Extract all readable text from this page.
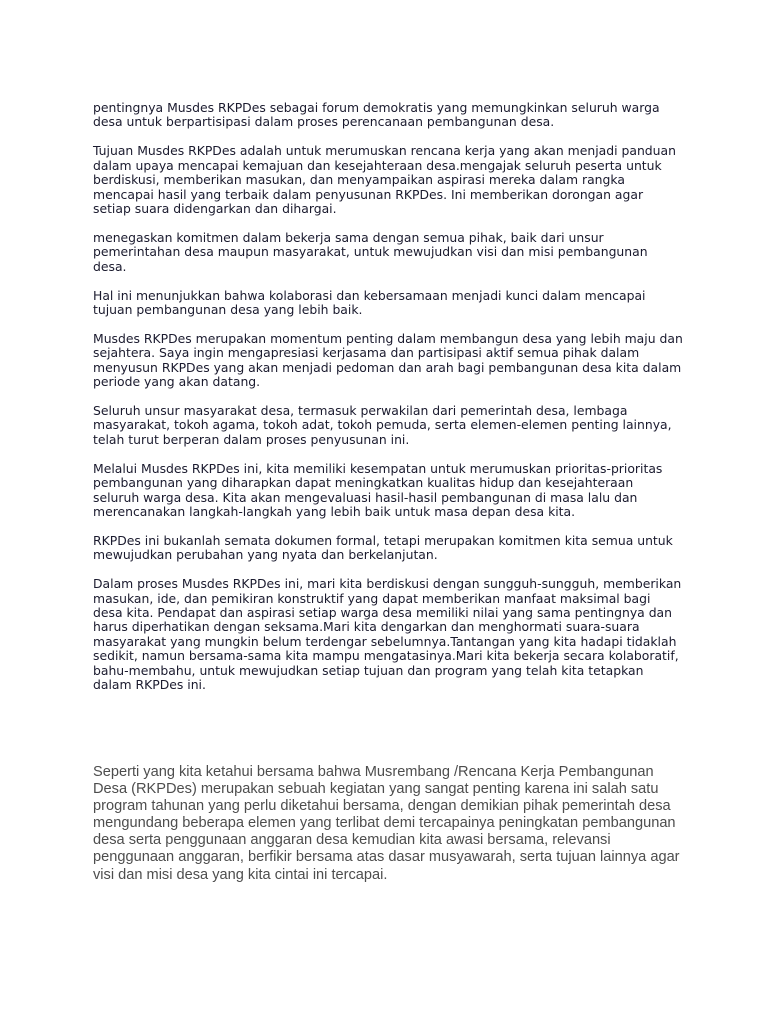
pentingnya Musdes RKPDes sebagai forum demokratis yang memungkinkan seluruh warga desa untuk berpartisipasi dalam proses perencanaan pembangunan desa.

Tujuan Musdes RKPDes adalah untuk merumuskan rencana kerja yang akan menjadi panduan dalam upaya mencapai kemajuan dan kesejahteraan desa.mengajak seluruh peserta untuk berdiskusi, memberikan masukan, dan menyampaikan aspirasi mereka dalam rangka mencapai hasil yang terbaik dalam penyusunan RKPDes. Ini memberikan dorongan agar setiap suara didengarkan dan dihargai.

menegaskan komitmen dalam bekerja sama dengan semua pihak, baik dari unsur pemerintahan desa maupun masyarakat, untuk mewujudkan visi dan misi pembangunan desa.

Hal ini menunjukkan bahwa kolaborasi dan kebersamaan menjadi kunci dalam mencapai tujuan pembangunan desa yang lebih baik.

Musdes RKPDes merupakan momentum penting dalam membangun desa yang lebih maju dan sejahtera. Saya ingin mengapresiasi kerjasama dan partisipasi aktif semua pihak dalam menyusun RKPDes yang akan menjadi pedoman dan arah bagi pembangunan desa kita dalam periode yang akan datang.

Seluruh unsur masyarakat desa, termasuk perwakilan dari pemerintah desa, lembaga masyarakat, tokoh agama, tokoh adat, tokoh pemuda, serta elemen-elemen penting lainnya, telah turut berperan dalam proses penyusunan ini.

Melalui Musdes RKPDes ini, kita memiliki kesempatan untuk merumuskan prioritas-prioritas pembangunan yang diharapkan dapat meningkatkan kualitas hidup dan kesejahteraan seluruh warga desa. Kita akan mengevaluasi hasil-hasil pembangunan di masa lalu dan merencanakan langkah-langkah yang lebih baik untuk masa depan desa kita.

RKPDes ini bukanlah semata dokumen formal, tetapi merupakan komitmen kita semua untuk mewujudkan perubahan yang nyata dan berkelanjutan.

Dalam proses Musdes RKPDes ini, mari kita berdiskusi dengan sungguh-sungguh, memberikan masukan, ide, dan pemikiran konstruktif yang dapat memberikan manfaat maksimal bagi desa kita. Pendapat dan aspirasi setiap warga desa memiliki nilai yang sama pentingnya dan harus diperhatikan dengan seksama.Mari kita dengarkan dan menghormati suara-suara masyarakat yang mungkin belum terdengar sebelumnya.Tantangan yang kita hadapi tidaklah sedikit, namun bersama-sama kita mampu mengatasinya.Mari kita bekerja secara kolaboratif, bahu-membahu, untuk mewujudkan setiap tujuan dan program yang telah kita tetapkan dalam RKPDes ini.

Seperti yang kita ketahui bersama bahwa Musrembang /Rencana Kerja Pembangunan Desa (RKPDes) merupakan sebuah kegiatan yang sangat penting karena ini salah satu program tahunan yang perlu diketahui bersama, dengan demikian pihak pemerintah desa mengundang beberapa elemen yang terlibat demi tercapainya peningkatan pembangunan desa serta penggunaan anggaran desa kemudian kita awasi bersama, relevansi penggunaan anggaran, berfikir bersama atas dasar musyawarah, serta tujuan lainnya agar visi dan misi desa yang kita cintai ini tercapai.
